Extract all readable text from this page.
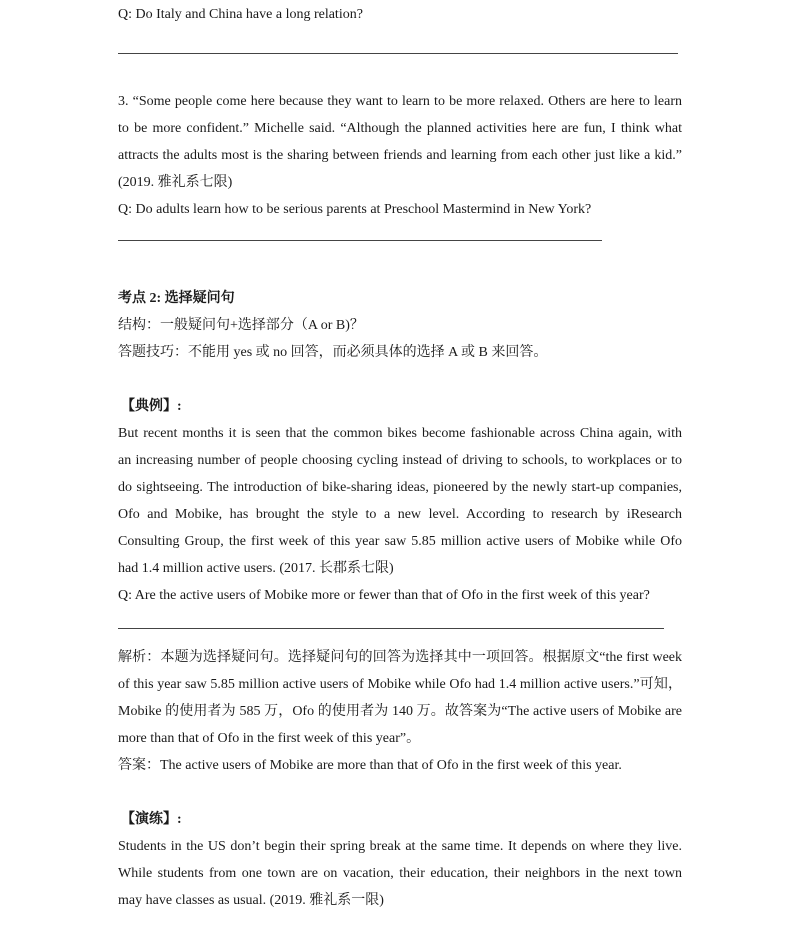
Q: Do Italy and China have a long relation?
3. “Some people come here because they want to learn to be more relaxed. Others are here to learn
to be more confident.” Michelle said. “Although the planned activities here are fun, I think what
attracts the adults most is the sharing between friends and learning from each other just like a kid.”
(2019. 雅礼系七限)
Q: Do adults learn how to be serious parents at Preschool Mastermind in New York?
考点 2: 选择疑问句
结构：一般疑问句+选择部分（A or B)？
答题技巧：不能用 yes 或 no 回答，而必须具体的选择 A 或 B 来回答。
【典例】:
But recent months it is seen that the common bikes become fashionable across China again, with
an increasing number of people choosing cycling instead of driving to schools, to workplaces or to
do sightseeing. The introduction of bike-sharing ideas, pioneered by the newly start-up companies,
Ofo and Mobike, has brought the style to a new level. According to research by iResearch
Consulting Group, the first week of this year saw 5.85 million active users of Mobike while Ofo
had 1.4 million active users. (2017. 长郡系七限)
Q: Are the active users of Mobike more or fewer than that of Ofo in the first week of this year?
解析：本题为选择疑问句。选择疑问句的回答为选择其中一项回答。根据原文“the first week
of this year saw 5.85 million active users of Mobike while Ofo had 1.4 million active users.”可知，
Mobike 的使用者为 585 万，Ofo 的使用者为 140 万。故答案为“The active users of Mobike are
more than that of Ofo in the first week of this year”。
答案：The active users of Mobike are more than that of Ofo in the first week of this year.
【演练】:
Students in the US don’t begin their spring break at the same time. It depends on where they live.
While students from one town are on vacation, their education, their neighbors in the next town
may have classes as usual. (2019. 雅礼系一限)
